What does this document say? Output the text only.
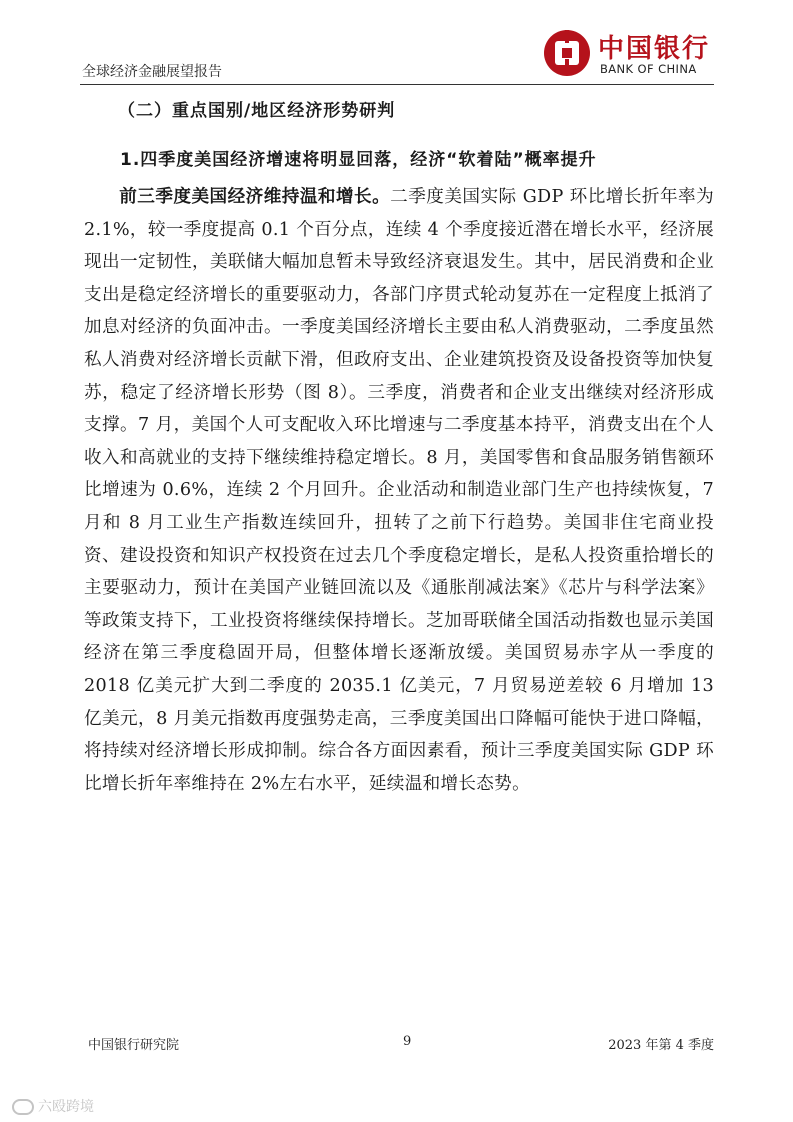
全球经济金融展望报告
中国银行
BANK OF CHINA
（二）重点国别/地区经济形势研判
1.四季度美国经济增速将明显回落，经济“软着陆”概率提升

前三季度美国经济维持温和增长。二季度美国实际 GDP 环比增长折年率为 2.1%，较一季度提高 0.1 个百分点，连续 4 个季度接近潜在增长水平，经济展现出一定韧性，美联储大幅加息暂未导致经济衰退发生。其中，居民消费和企业支出是稳定经济增长的重要驱动力，各部门序贯式轮动复苏在一定程度上抵消了加息对经济的负面冲击。一季度美国经济增长主要由私人消费驱动，二季度虽然私人消费对经济增长贡献下滑，但政府支出、企业建筑投资及设备投资等加快复苏，稳定了经济增长形势（图 8）。三季度，消费者和企业支出继续对经济形成支撑。7 月，美国个人可支配收入环比增速与二季度基本持平，消费支出在个人收入和高就业的支持下继续维持稳定增长。8 月，美国零售和食品服务销售额环比增速为 0.6%，连续 2 个月回升。企业活动和制造业部门生产也持续恢复，7 月和 8 月工业生产指数连续回升，扭转了之前下行趋势。美国非住宅商业投资、建设投资和知识产权投资在过去几个季度稳定增长，是私人投资重拾增长的主要驱动力，预计在美国产业链回流以及《通胀削减法案》《芯片与科学法案》等政策支持下，工业投资将继续保持增长。芝加哥联储全国活动指数也显示美国经济在第三季度稳固开局，但整体增长逐渐放缓。美国贸易赤字从一季度的 2018 亿美元扩大到二季度的 2035.1 亿美元，7 月贸易逆差较 6 月增加 13 亿美元，8 月美元指数再度强势走高，三季度美国出口降幅可能快于进口降幅，将持续对经济增长形成抑制。综合各方面因素看，预计三季度美国实际 GDP 环比增长折年率维持在 2%左右水平，延续温和增长态势。

中国银行研究院	9	2023 年第 4 季度
六殴跨境
